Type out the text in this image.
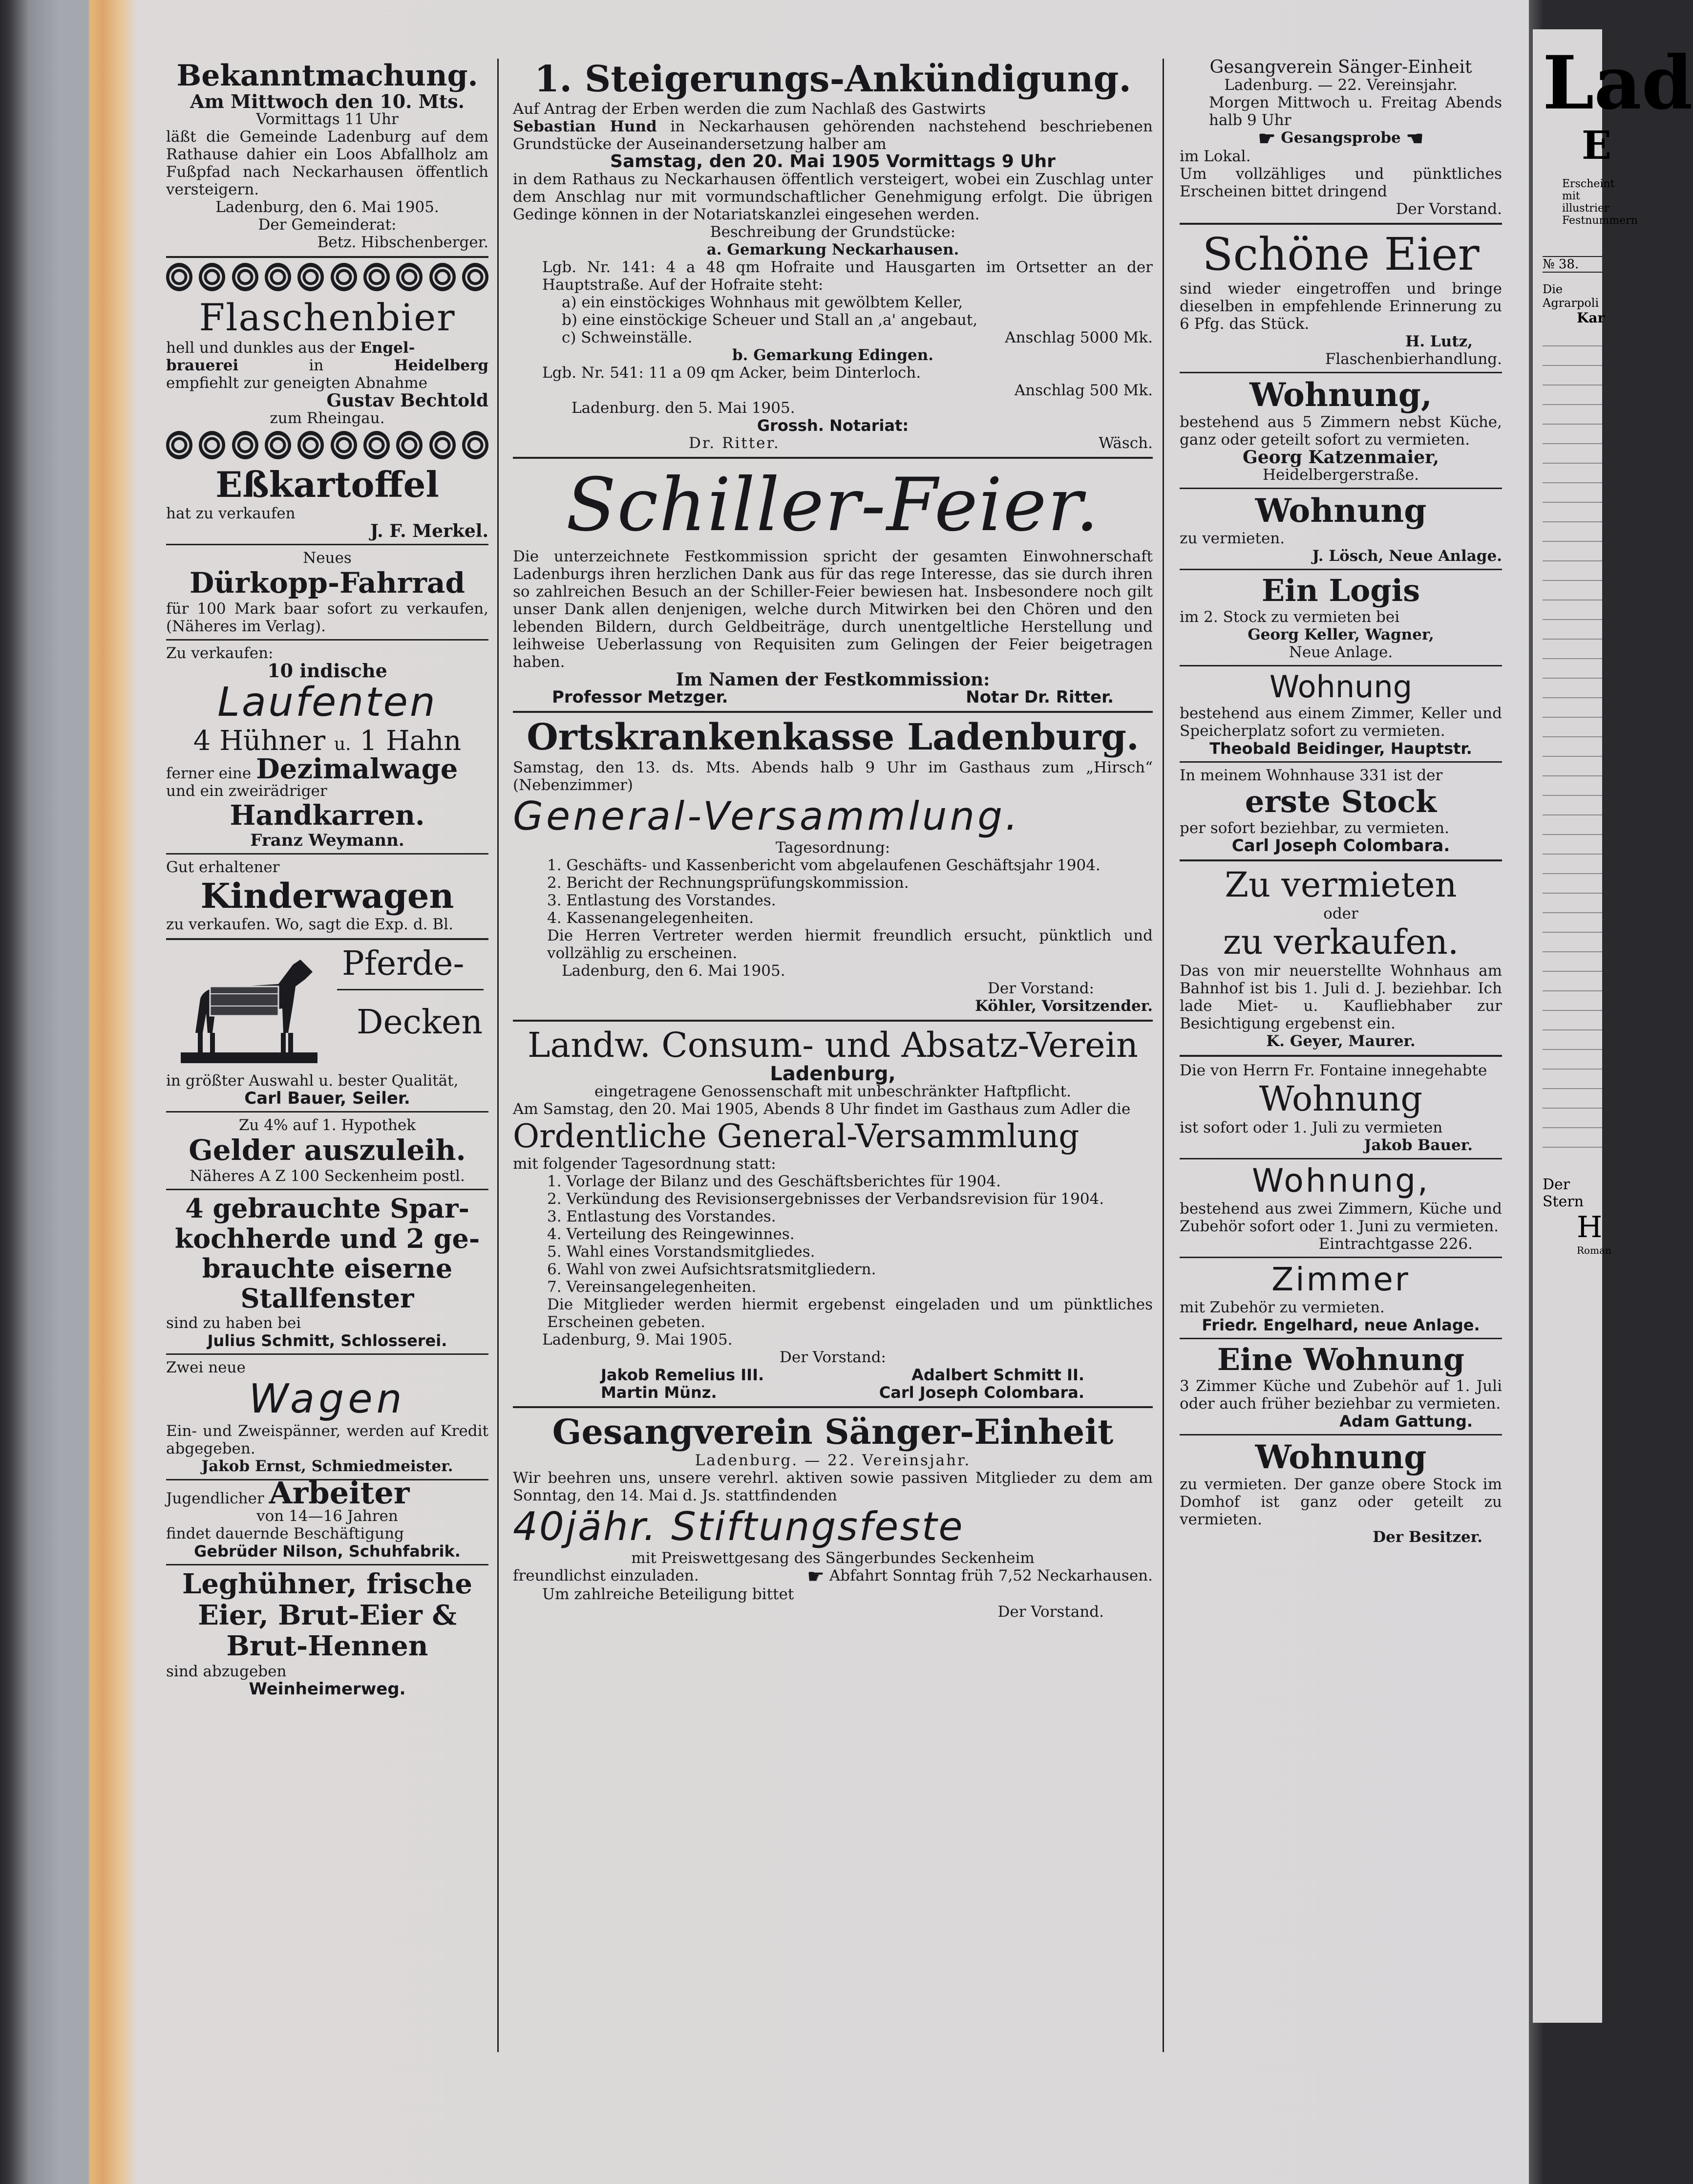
Lad
E
Erscheint
mit illustrier
Festnummern
№ 38.
Die Agrarpoli
Kar
Der Stern
H
Roman

Bekanntmachung.

Am Mittwoch den 10. Mts.

Vormittags 11 Uhr

läßt die Gemeinde Ladenburg auf dem Rathause dahier ein Loos Abfallholz am Fußpfad nach Neckarhausen öffentlich versteigern.

Ladenburg, den 6. Mai 1905.

Der Gemeinderat:

Betz. Hibschenberger.

Flaschenbier

hell und dunkles aus der Engel-

brauerei	in	Heidelberg

empfiehlt zur geneigten Abnahme

Gustav Bechtold

zum Rheingau.

Eßkartoffel

hat zu verkaufen

J. F. Merkel.

Neues

Dürkopp-Fahrrad

für 100 Mark baar sofort zu verkaufen, (Näheres im Verlag).

Zu verkaufen:

10 indische

Laufenten

4 Hühner u. 1 Hahn

ferner eine Dezimalwage

und ein zweirädriger

Handkarren.

Franz Weymann.

Gut erhaltener

Kinderwagen

zu verkaufen. Wo, sagt die Exp. d. Bl.

Pferde-

Decken

in größter Auswahl u. bester Qualität,

Carl Bauer, Seiler.

Zu 4% auf 1. Hypothek

Gelder auszuleih.

Näheres A Z 100 Seckenheim postl.

4 gebrauchte Spar-

kochherde und 2 ge-

brauchte eiserne

Stallfenster

sind zu haben bei

Julius Schmitt, Schlosserei.

Zwei neue

Wagen

Ein- und Zweispänner, werden auf Kredit abgegeben.

Jakob Ernst, Schmiedmeister.

Jugendlicher Arbeiter

von 14—16 Jahren

findet dauernde Beschäftigung

Gebrüder Nilson, Schuhfabrik.

Leghühner, frische

Eier, Brut-Eier &

Brut-Hennen

sind abzugeben

Weinheimerweg.

1. Steigerungs-Ankündigung.

Auf Antrag der Erben werden die zum Nachlaß des Gastwirts

Sebastian Hund in Neckarhausen gehörenden nachstehend beschriebenen Grundstücke der Auseinandersetzung halber am

Samstag, den 20. Mai 1905 Vormittags 9 Uhr

in dem Rathaus zu Neckarhausen öffentlich versteigert, wobei ein Zuschlag unter dem Anschlag nur mit vormundschaftlicher Genehmigung erfolgt. Die übrigen Gedinge können in der Notariatskanzlei eingesehen werden.

Beschreibung der Grundstücke:

a. Gemarkung Neckarhausen.

Lgb. Nr. 141: 4 a 48 qm Hofraite und Hausgarten im Ortsetter an der Hauptstraße. Auf der Hofraite steht:

a) ein einstöckiges Wohnhaus mit gewölbtem Keller,

b) eine einstöckige Scheuer und Stall an ,a' angebaut,

c) Schweinställe.	Anschlag 5000 Mk.

b. Gemarkung Edingen.

Lgb. Nr. 541: 11 a 09 qm Acker, beim Dinterloch.

Anschlag 500 Mk.

Ladenburg. den 5. Mai 1905.

Grossh. Notariat:

Dr. Ritter.	Wäsch.

Schiller-Feier.

Die unterzeichnete Festkommission spricht der gesamten Einwohnerschaft Ladenburgs ihren herzlichen Dank aus für das rege Interesse, das sie durch ihren so zahlreichen Besuch an der Schiller-Feier bewiesen hat. Insbesondere noch gilt unser Dank allen denjenigen, welche durch Mitwirken bei den Chören und den lebenden Bildern, durch Geldbeiträge, durch unentgeltliche Herstellung und leihweise Ueberlassung von Requisiten zum Gelingen der Feier beigetragen haben.

Im Namen der Festkommission:

Professor Metzger.	Notar Dr. Ritter.

Ortskrankenkasse Ladenburg.

Samstag, den 13. ds. Mts. Abends halb 9 Uhr im Gasthaus zum „Hirsch“ (Nebenzimmer)

General-Versammlung.

Tagesordnung:

1. Geschäfts- und Kassenbericht vom abgelaufenen Geschäftsjahr 1904.

2. Bericht der Rechnungsprüfungskommission.

3. Entlastung des Vorstandes.

4. Kassenangelegenheiten.

Die Herren Vertreter werden hiermit freundlich ersucht, pünktlich und vollzählig zu erscheinen.

Ladenburg, den 6. Mai 1905.

Der Vorstand:

Köhler, Vorsitzender.

Landw. Consum- und Absatz-Verein

Ladenburg,

eingetragene Genossenschaft mit unbeschränkter Haftpflicht.

Am Samstag, den 20. Mai 1905, Abends 8 Uhr findet im Gasthaus zum Adler die

Ordentliche General-Versammlung

mit folgender Tagesordnung statt:

1. Vorlage der Bilanz und des Geschäftsberichtes für 1904.

2. Verkündung des Revisionsergebnisses der Verbandsrevision für 1904.

3. Entlastung des Vorstandes.

4. Verteilung des Reingewinnes.

5. Wahl eines Vorstandsmitgliedes.

6. Wahl von zwei Aufsichtsratsmitgliedern.

7. Vereinsangelegenheiten.

Die Mitglieder werden hiermit ergebenst eingeladen und um pünktliches Erscheinen gebeten.

Ladenburg, 9. Mai 1905.

Der Vorstand:

Jakob Remelius III.	Adalbert Schmitt II.

Martin Münz.	Carl Joseph Colombara.

Gesangverein Sänger-Einheit

Ladenburg. — 22. Vereinsjahr.

Wir beehren uns, unsere verehrl. aktiven sowie passiven Mitglieder zu dem am Sonntag, den 14. Mai d. Js. stattfindenden

40jähr. Stiftungsfeste

mit Preiswettgesang des Sängerbundes Seckenheim

freundlichst einzuladen.	☛ Abfahrt Sonntag früh 7,52 Neckarhausen.

Um zahlreiche Beteiligung bittet

Der Vorstand.

Gesangverein Sänger-Einheit

Ladenburg. — 22. Vereinsjahr.

Morgen Mittwoch u. Freitag Abends halb 9 Uhr

☛ Gesangsprobe ☚

im Lokal.

Um vollzähliges und pünktliches Erscheinen bittet dringend

Der Vorstand.

Schöne Eier

sind wieder eingetroffen und bringe dieselben in empfehlende Erinnerung zu 6 Pfg. das Stück.

H. Lutz,

Flaschenbierhandlung.

Wohnung,

bestehend aus 5 Zimmern nebst Küche, ganz oder geteilt sofort zu vermieten.

Georg Katzenmaier,

Heidelbergerstraße.

Wohnung

zu vermieten.

J. Lösch, Neue Anlage.

Ein Logis

im 2. Stock zu vermieten bei

Georg Keller, Wagner,

Neue Anlage.

Wohnung

bestehend aus einem Zimmer, Keller und Speicherplatz sofort zu vermieten.

Theobald Beidinger, Hauptstr.

In meinem Wohnhause 331 ist der

erste Stock

per sofort beziehbar, zu vermieten.

Carl Joseph Colombara.

Zu vermieten

oder

zu verkaufen.

Das von mir neuerstellte Wohnhaus am Bahnhof ist bis 1. Juli d. J. beziehbar. Ich lade Miet- u. Kaufliebhaber zur Besichtigung ergebenst ein.

K. Geyer, Maurer.

Die von Herrn Fr. Fontaine innegehabte

Wohnung

ist sofort oder 1. Juli zu vermieten

Jakob Bauer.

Wohnung,

bestehend aus zwei Zimmern, Küche und Zubehör sofort oder 1. Juni zu vermieten.

Eintrachtgasse 226.

Zimmer

mit Zubehör zu vermieten.

Friedr. Engelhard, neue Anlage.

Eine Wohnung

3 Zimmer Küche und Zubehör auf 1. Juli oder auch früher beziehbar zu vermieten.

Adam Gattung.

Wohnung

zu vermieten. Der ganze obere Stock im Domhof ist ganz oder geteilt zu vermieten.

Der Besitzer.
